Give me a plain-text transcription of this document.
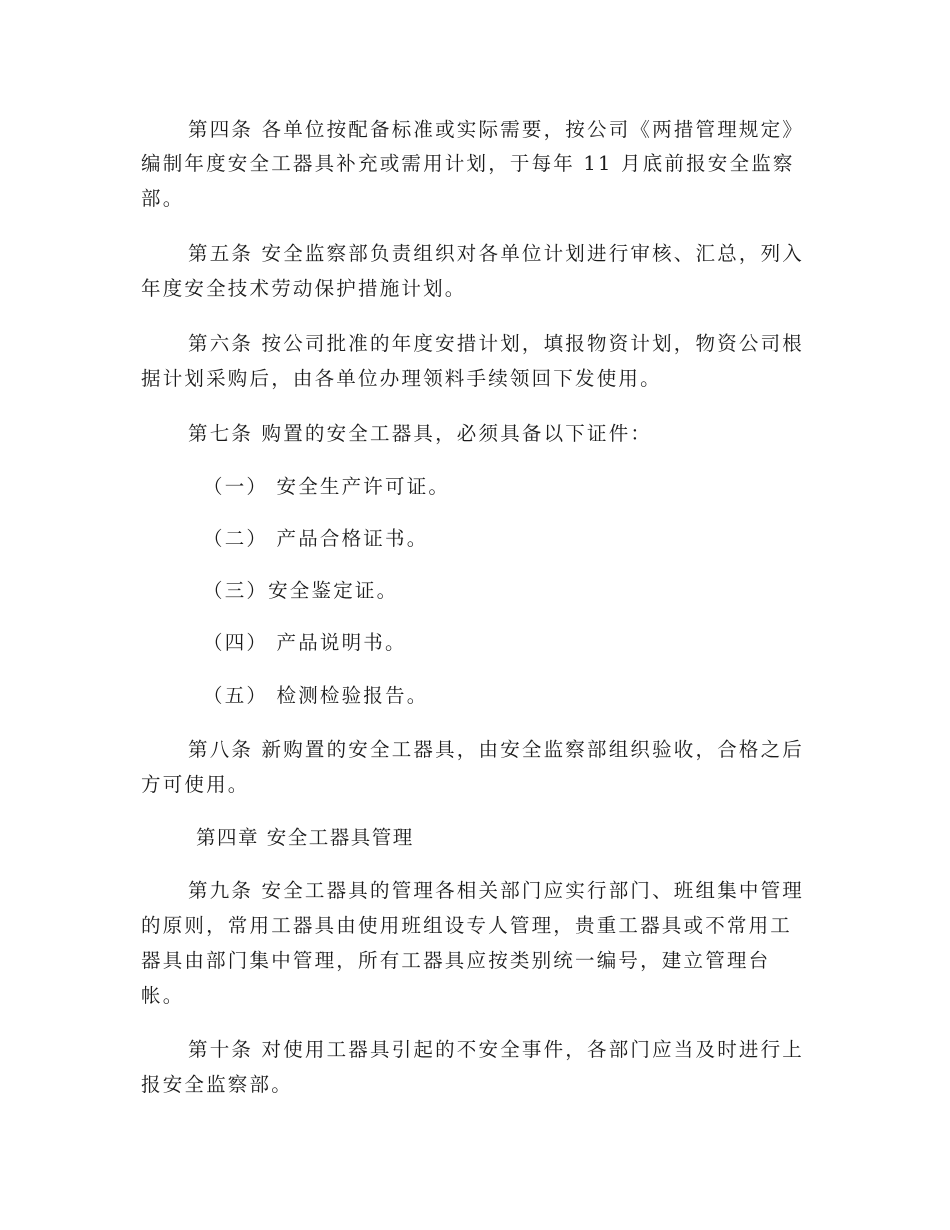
第四条 各单位按配备标准或实际需要，按公司《两措管理规定》
编制年度安全工器具补充或需用计划，于每年 11 月底前报安全监察
部。
第五条 安全监察部负责组织对各单位计划进行审核、汇总，列入
年度安全技术劳动保护措施计划。
第六条 按公司批准的年度安措计划，填报物资计划，物资公司根
据计划采购后，由各单位办理领料手续领回下发使用。
第七条 购置的安全工器具，必须具备以下证件：
（一） 安全生产许可证。
（二） 产品合格证书。
（三）安全鉴定证。
（四） 产品说明书。
（五） 检测检验报告。
第八条 新购置的安全工器具，由安全监察部组织验收，合格之后
方可使用。
第四章 安全工器具管理
第九条 安全工器具的管理各相关部门应实行部门、班组集中管理
的原则，常用工器具由使用班组设专人管理，贵重工器具或不常用工
器具由部门集中管理，所有工器具应按类别统一编号，建立管理台
帐。
第十条 对使用工器具引起的不安全事件，各部门应当及时进行上
报安全监察部。
